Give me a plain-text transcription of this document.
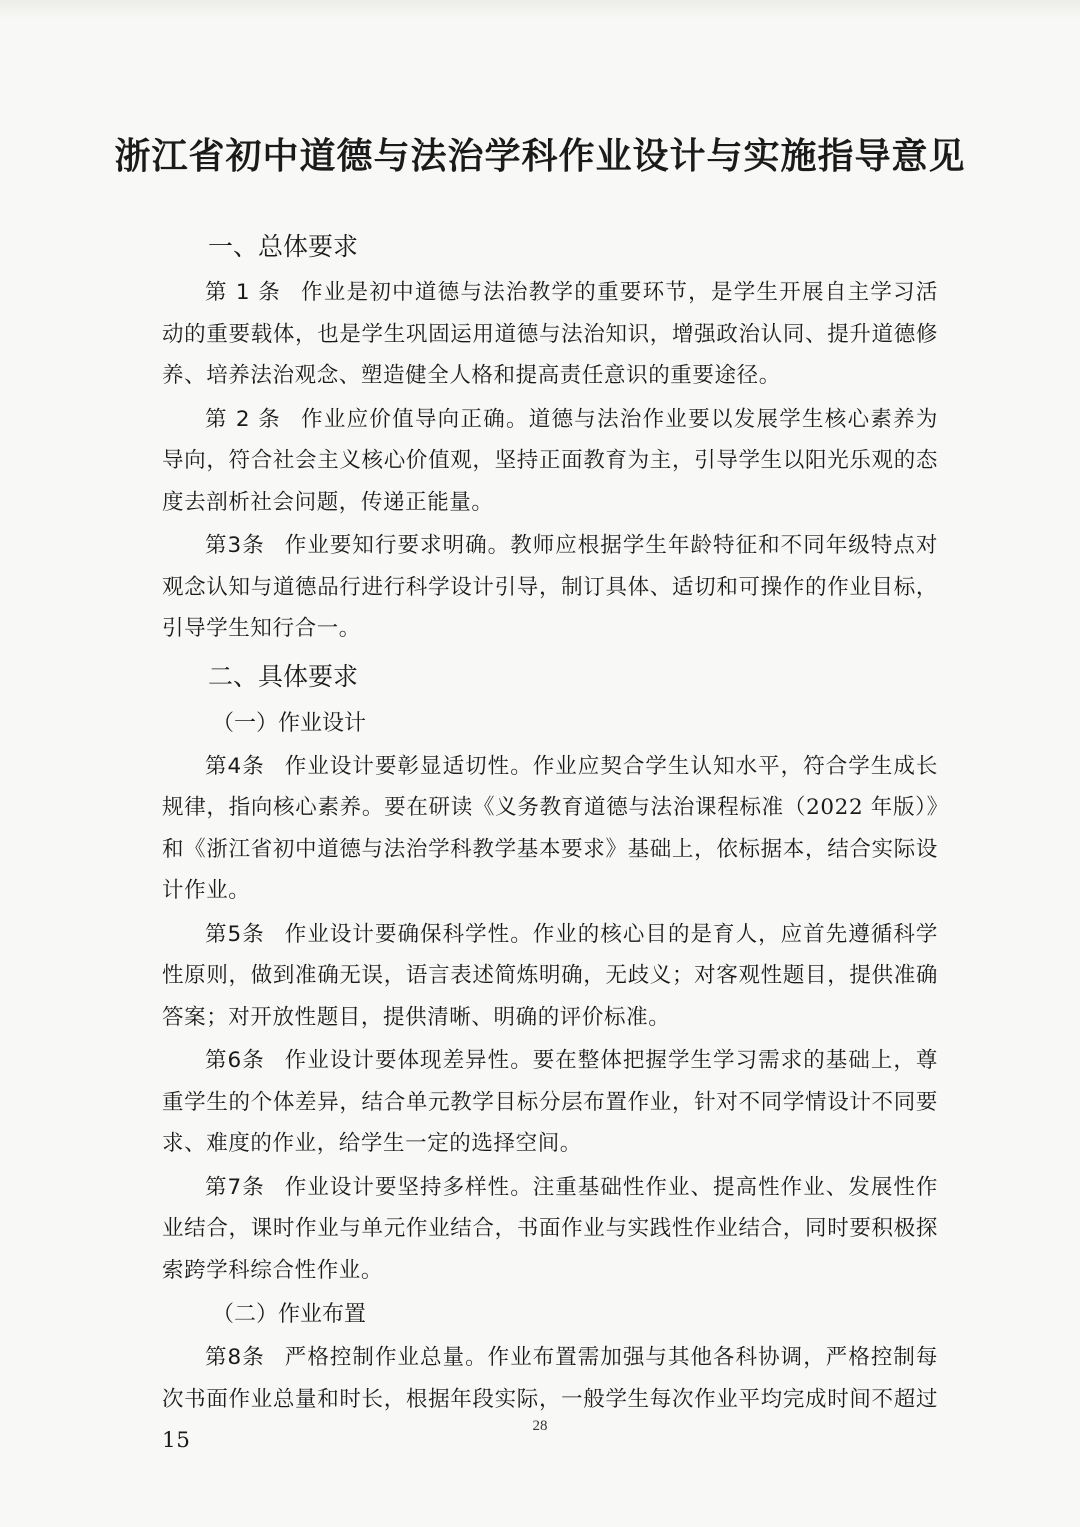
浙江省初中道德与法治学科作业设计与实施指导意见
一、总体要求

第 1 条 作业是初中道德与法治教学的重要环节，是学生开展自主学习活动的重要载体，也是学生巩固运用道德与法治知识，增强政治认同、提升道德修养、培养法治观念、塑造健全人格和提高责任意识的重要途径。

第 2 条 作业应价值导向正确。道德与法治作业要以发展学生核心素养为导向，符合社会主义核心价值观，坚持正面教育为主，引导学生以阳光乐观的态度去剖析社会问题，传递正能量。

第3条 作业要知行要求明确。教师应根据学生年龄特征和不同年级特点对观念认知与道德品行进行科学设计引导，制订具体、适切和可操作的作业目标，引导学生知行合一。

二、具体要求
（一）作业设计

第4条 作业设计要彰显适切性。作业应契合学生认知水平，符合学生成长规律，指向核心素养。要在研读《义务教育道德与法治课程标准（2022 年版）》和《浙江省初中道德与法治学科教学基本要求》基础上，依标据本，结合实际设计作业。

第5条 作业设计要确保科学性。作业的核心目的是育人，应首先遵循科学性原则，做到准确无误，语言表述简炼明确，无歧义；对客观性题目，提供准确答案；对开放性题目，提供清晰、明确的评价标准。

第6条 作业设计要体现差异性。要在整体把握学生学习需求的基础上，尊重学生的个体差异，结合单元教学目标分层布置作业，针对不同学情设计不同要求、难度的作业，给学生一定的选择空间。

第7条 作业设计要坚持多样性。注重基础性作业、提高性作业、发展性作业结合，课时作业与单元作业结合，书面作业与实践性作业结合，同时要积极探索跨学科综合性作业。

（二）作业布置

第8条 严格控制作业总量。作业布置需加强与其他各科协调，严格控制每次书面作业总量和时长，根据年段实际，一般学生每次作业平均完成时间不超过 15

28
